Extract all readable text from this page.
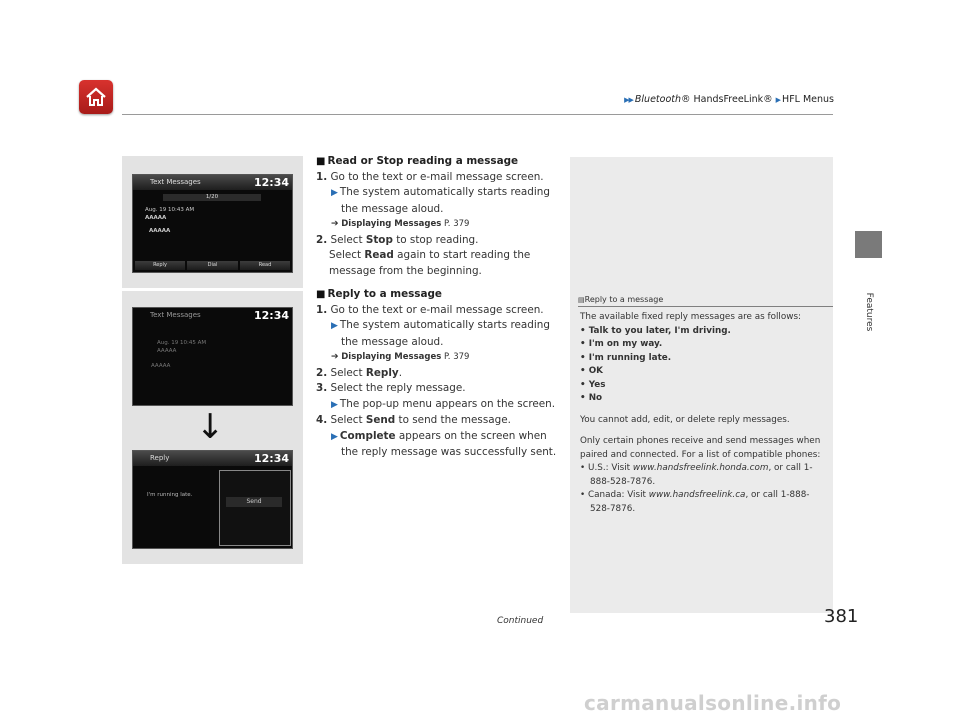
▶▶ Bluetooth® HandsFreeLink® ▶ HFL Menus
Features
Text Messages	12:34
1/20
Aug. 19 10:43 AM
AAAAA
AAAAA
Reply	Dial	Read
Text Messages	12:34
Aug. 19 10:45 AM
AAAAA
AAAAA
↓
Reply	12:34
I'm running late.
Send

■ Read or Stop reading a message

1. Go to the text or e-mail message screen.

▶ The system automatically starts reading the message aloud.

➔ Displaying Messages P. 379

2. Select Stop to stop reading.

Select Read again to start reading the message from the beginning.

■ Reply to a message

1. Go to the text or e-mail message screen.

▶ The system automatically starts reading the message aloud.

➔ Displaying Messages P. 379

2. Select Reply.

3. Select the reply message.

▶ The pop-up menu appears on the screen.

4. Select Send to send the message.

▶ Complete appears on the screen when the reply message was successfully sent.

▤Reply to a message

The available fixed reply messages are as follows:

• Talk to you later, I'm driving.

• I'm on my way.

• I'm running late.

• OK

• Yes

• No

You cannot add, edit, or delete reply messages.

Only certain phones receive and send messages when paired and connected. For a list of compatible phones:

• U.S.: Visit www.handsfreelink.honda.com, or call 1-888-528-7876.

• Canada: Visit www.handsfreelink.ca, or call 1-888-528-7876.

Continued	381
carmanualsonline.info
